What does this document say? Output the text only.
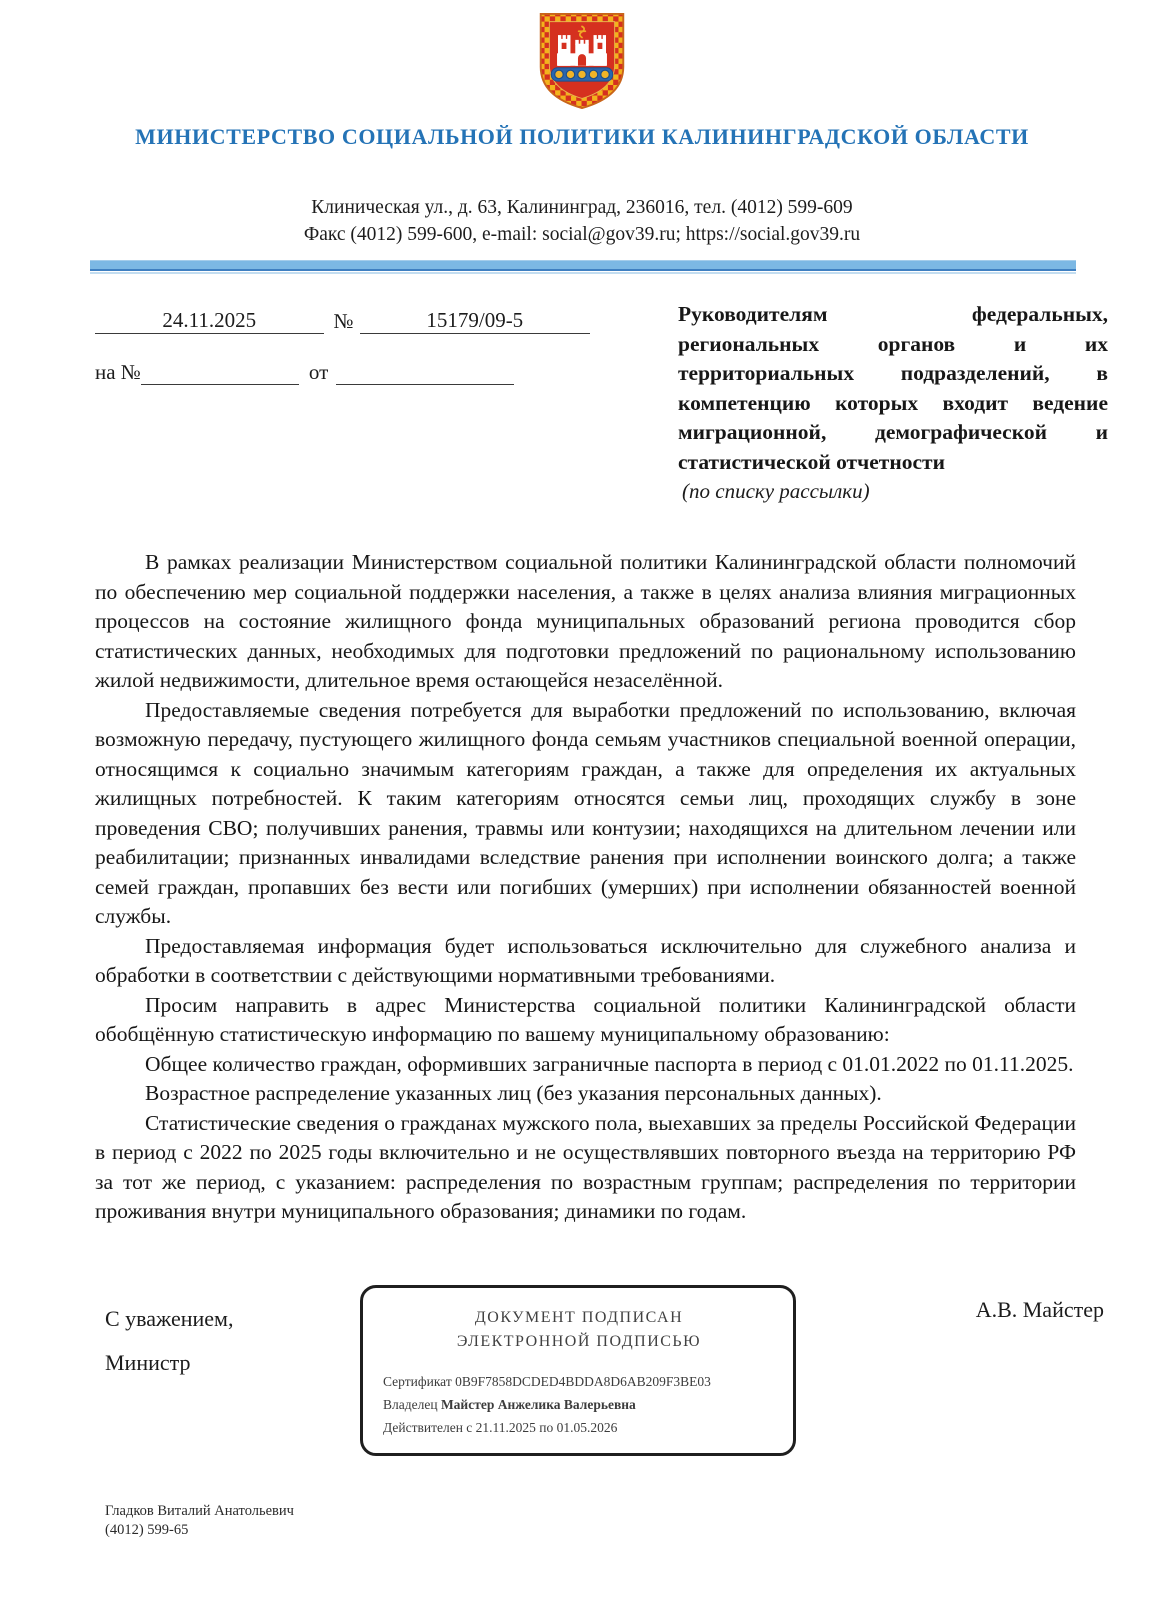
МИНИСТЕРСТВО СОЦИАЛЬНОЙ ПОЛИТИКИ КАЛИНИНГРАДСКОЙ ОБЛАСТИ
Клиническая ул., д. 63, Калининград, 236016, тел. (4012) 599-609
Факс (4012) 599-600, e-mail: social@gov39.ru; https://social.gov39.ru
24.11.2025	№	15179/09-5
на №	от
Руководителям федеральных, региональных органов и их территориальных подразделений, в компетенцию которых входит ведение миграционной, демографической и статистической отчетности
(по списку рассылки)

В рамках реализации Министерством социальной политики Калининградской области полномочий по обеспечению мер социальной поддержки населения, а также в целях анализа влияния миграционных процессов на состояние жилищного фонда муниципальных образований региона проводится сбор статистических данных, необходимых для подготовки предложений по рациональному использованию жилой недвижимости, длительное время остающейся незаселённой.

Предоставляемые сведения потребуется для выработки предложений по использованию, включая возможную передачу, пустующего жилищного фонда семьям участников специальной военной операции, относящимся к социально значимым категориям граждан, а также для определения их актуальных жилищных потребностей. К таким категориям относятся семьи лиц, проходящих службу в зоне проведения СВО; получивших ранения, травмы или контузии; находящихся на длительном лечении или реабилитации; признанных инвалидами вследствие ранения при исполнении воинского долга; а также семей граждан, пропавших без вести или погибших (умерших) при исполнении обязанностей военной службы.

Предоставляемая информация будет использоваться исключительно для служебного анализа и обработки в соответствии с действующими нормативными требованиями.

Просим направить в адрес Министерства социальной политики Калининградской области обобщённую статистическую информацию по вашему муниципальному образованию:

Общее количество граждан, оформивших заграничные паспорта в период с 01.01.2022 по 01.11.2025.

Возрастное распределение указанных лиц (без указания персональных данных).

Статистические сведения о гражданах мужского пола, выехавших за пределы Российской Федерации в период с 2022 по 2025 годы включительно и не осуществлявших повторного въезда на территорию РФ за тот же период, с указанием: распределения по возрастным группам; распределения по территории проживания внутри муниципального образования; динамики по годам.

С уважением,
Министр
ДОКУМЕНТ ПОДПИСАН
ЭЛЕКТРОННОЙ ПОДПИСЬЮ
Сертификат 0B9F7858DCDED4BDDA8D6AB209F3BE03
Владелец Майстер Анжелика Валерьевна
Действителен с 21.11.2025 по 01.05.2026
А.В. Майстер
Гладков Виталий Анатольевич
(4012) 599-65
